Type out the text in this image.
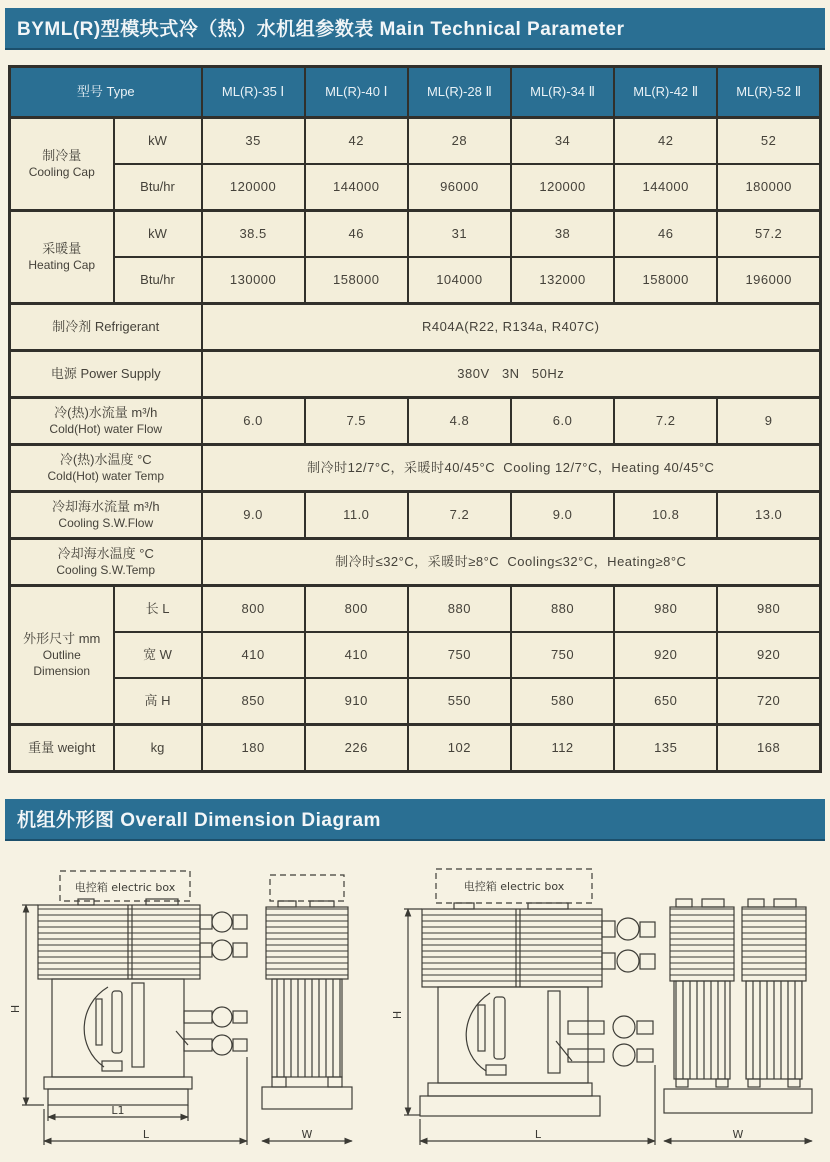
BYML(R)型模块式冷（热）水机组参数表 Main Technical Parameter
型号 Type		ML(R)-35 Ⅰ	ML(R)-40 Ⅰ	ML(R)-28 Ⅱ	ML(R)-34 Ⅱ	ML(R)-42 Ⅱ	ML(R)-52 Ⅱ
制冷量
Cooling Cap	kW	35	42	28	34	42	52
	Btu/hr	120000	144000	96000	120000	144000	180000
采暖量
Heating Cap	kW	38.5	46	31	38	46	57.2
	Btu/hr	130000	158000	104000	132000	158000	196000
制冷剂 Refrigerant		R404A(R22, R134a, R407C)					
电源 Power Supply		380V   3N   50Hz					
冷(热)水流量 m³/h
Cold(Hot) water Flow		6.0	7.5	4.8	6.0	7.2	9
冷(热)水温度 °C
Cold(Hot) water Temp		制冷时12/7°C，采暖时40/45°C  Cooling 12/7°C，Heating 40/45°C					
冷却海水流量 m³/h
Cooling S.W.Flow		9.0	11.0	7.2	9.0	10.8	13.0
冷却海水温度 °C
Cooling S.W.Temp		制冷时≤32°C，采暖时≥8°C  Cooling≤32°C，Heating≥8°C					
外形尺寸 mm
Outline Dimension	长 L	800	800	880	880	980	980
	宽 W	410	410	750	750	920	920
	高 H	850	910	550	580	650	720
重量 weight	kg	180	226	102	112	135	168
机组外形图 Overall Dimension Diagram
电控箱 electric box
H
L1
L	W
电控箱 electric box
H
L	W
